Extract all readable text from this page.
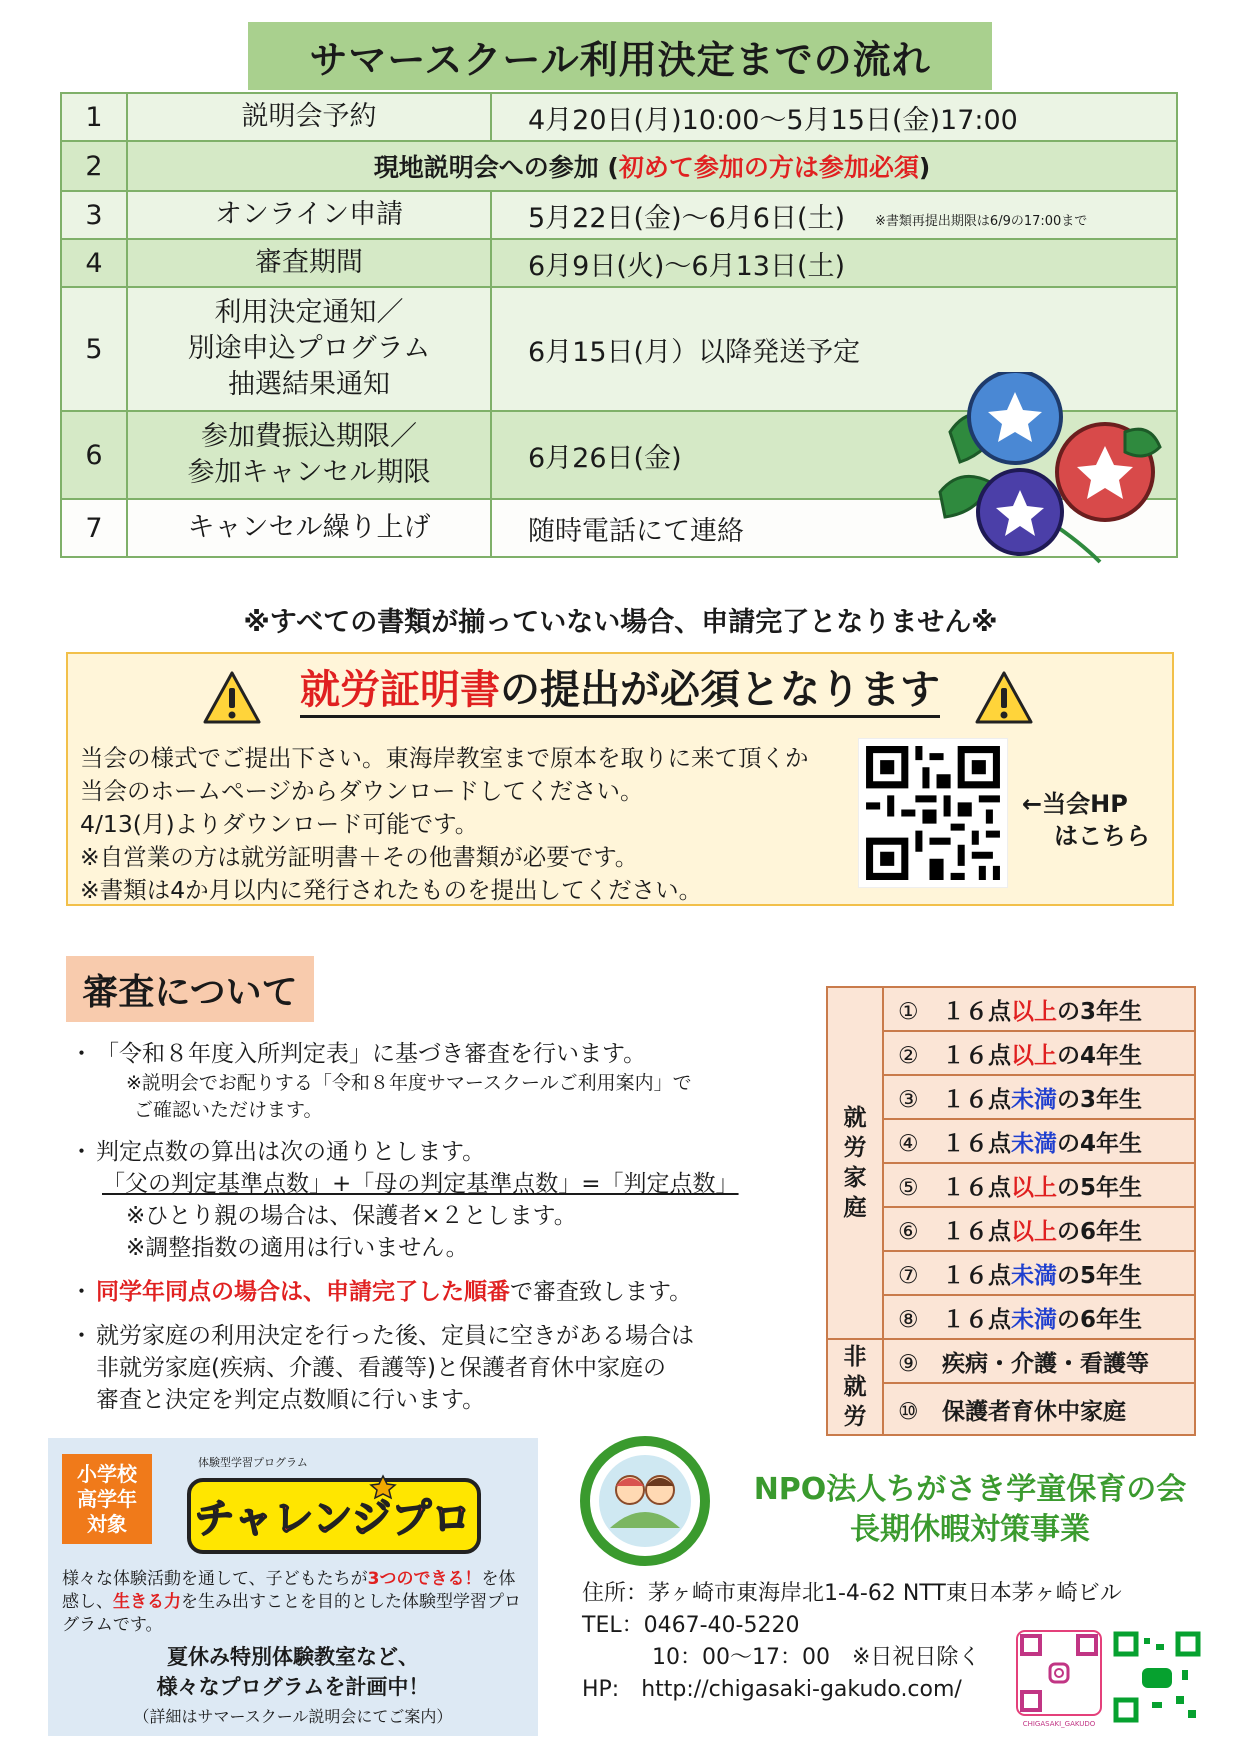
サマースクール利用決定までの流れ
1	説明会予約	4月20日(月)10:00～5月15日(金)17:00
2	現地説明会への参加 (初めて参加の方は参加必須)	
3	オンライン申請	5月22日(金)～6月6日(土) ※書類再提出期限は6/9の17:00まで
4	審査期間	6月9日(火)～6月13日(土)
5	利用決定通知／
別途申込プログラム
抽選結果通知	6月15日(月）以降発送予定
6	参加費振込期限／
参加キャンセル期限	6月26日(金)
7	キャンセル繰り上げ	随時電話にて連絡
※すべての書類が揃っていない場合、申請完了となりません※
就労証明書の提出が必須となります
当会の様式でご提出下さい。東海岸教室まで原本を取りに来て頂くか
当会のホームページからダウンロードしてください。
4/13(月)よりダウンロード可能です。
※自営業の方は就労証明書＋その他書類が必要です。
※書類は4か月以内に発行されたものを提出してください。
←当会HP
はこちら
審査について
・ 「令和８年度入所判定表」に基づき審査を行います。
※説明会でお配りする「令和８年度サマースクールご利用案内」で
ご確認いただけます。
・ 判定点数の算出は次の通りとします。
「父の判定基準点数」+「母の判定基準点数」=「判定点数」
※ひとり親の場合は、保護者×２とします。
※調整指数の適用は行いません。
・ 同学年同点の場合は、申請完了した順番で審査致します。
・ 就労家庭の利用決定を行った後、定員に空きがある場合は
非就労家庭(疾病、介護、看護等)と保護者育休中家庭の
審査と決定を判定点数順に行います。
就
労
家
庭	① １６点以上の3年生
	② １６点以上の4年生
	③ １６点未満の3年生
	④ １６点未満の4年生
	⑤ １６点以上の5年生
	⑥ １６点以上の6年生
	⑦ １６点未満の5年生
	⑧ １６点未満の6年生

非
就
労	⑨ 疾病・介護・看護等
	⑩ 保護者育休中家庭
小学校
高学年
対象
体験型学習プログラム
チャレンジプロ
様々な体験活動を通して、子どもたちが3つのできる！を体感し、生きる力を生み出すことを目的とした体験型学習プログラムです。
夏休み特別体験教室など、
様々なプログラムを計画中！
（詳細はサマースクール説明会にてご案内）
NPO法人ちがさき学童保育の会
長期休暇対策事業
住所：茅ヶ崎市東海岸北1-4-62 NTT東日本茅ヶ崎ビル
TEL：0467-40-5220
10：00～17：00　※日祝日除く
HP:　http://chigasaki-gakudo.com/
CHIGASAKI_GAKUDO
